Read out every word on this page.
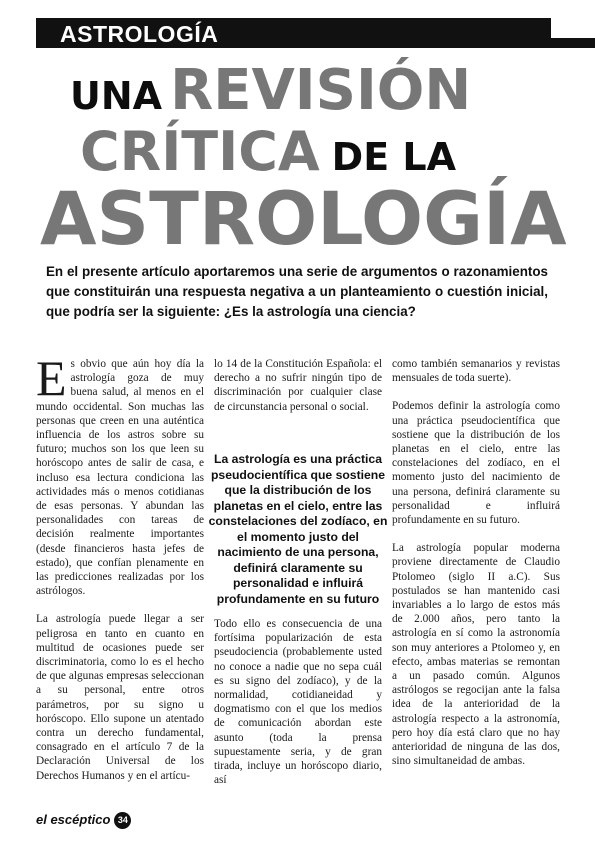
ASTROLOGÍA
UNA REVISIÓN
CRÍTICA DE LA
ASTROLOGÍA
En el presente artículo aportaremos una serie de argumentos o razonamientos que constituirán una respuesta negativa a un planteamiento o cuestión inicial, que podría ser la siguiente: ¿Es la astrología una ciencia?

Es obvio que aún hoy día la astrología goza de muy buena salud, al menos en el mundo occidental. Son muchas las personas que creen en una auténtica influencia de los astros sobre su futuro; muchos son los que leen su horóscopo antes de salir de casa, e incluso esa lectura condiciona las actividades más o menos cotidianas de esas personas. Y abundan las personalidades con tareas de decisión realmente importantes (desde financieros hasta jefes de estado), que confían plenamente en las predicciones realizadas por los astrólogos.

La astrología puede llegar a ser peligrosa en tanto en cuanto en multitud de ocasiones puede ser discriminatoria, como lo es el hecho de que algunas empresas seleccionan a su personal, entre otros parámetros, por su signo u horóscopo. Ello supone un atentado contra un derecho fundamental, consagrado en el artículo 7 de la Declaración Universal de los Derechos Humanos y en el artícu-

lo 14 de la Constitución Española: el derecho a no sufrir ningún tipo de discriminación por cualquier clase de circunstancia personal o social.

La astrología es una práctica pseudocientífica que sostiene que la distribución de los planetas en el cielo, entre las constelaciones del zodíaco, en el momento justo del nacimiento de una persona, definirá claramente su personalidad e influirá profundamente en su futuro

Todo ello es consecuencia de una fortísima popularización de esta pseudociencia (probablemente usted no conoce a nadie que no sepa cuál es su signo del zodíaco), y de la normalidad, cotidianeidad y dogmatismo con el que los medios de comunicación abordan este asunto (toda la prensa supuestamente seria, y de gran tirada, incluye un horóscopo diario, así

como también semanarios y revistas mensuales de toda suerte).

Podemos definir la astrología como una práctica pseudocientífica que sostiene que la distribución de los planetas en el cielo, entre las constelaciones del zodíaco, en el momento justo del nacimiento de una persona, definirá claramente su personalidad e influirá profundamente en su futuro.

La astrología popular moderna proviene directamente de Claudio Ptolomeo (siglo II a.C). Sus postulados se han mantenido casi invariables a lo largo de estos más de 2.000 años, pero tanto la astrología en sí como la astronomía son muy anteriores a Ptolomeo y, en efecto, ambas materias se remontan a un pasado común. Algunos astrólogos se regocijan ante la falsa idea de la anterioridad de la astrología respecto a la astronomía, pero hoy día está claro que no hay anterioridad de ninguna de las dos, sino simultaneidad de ambas.

el escéptico 34
